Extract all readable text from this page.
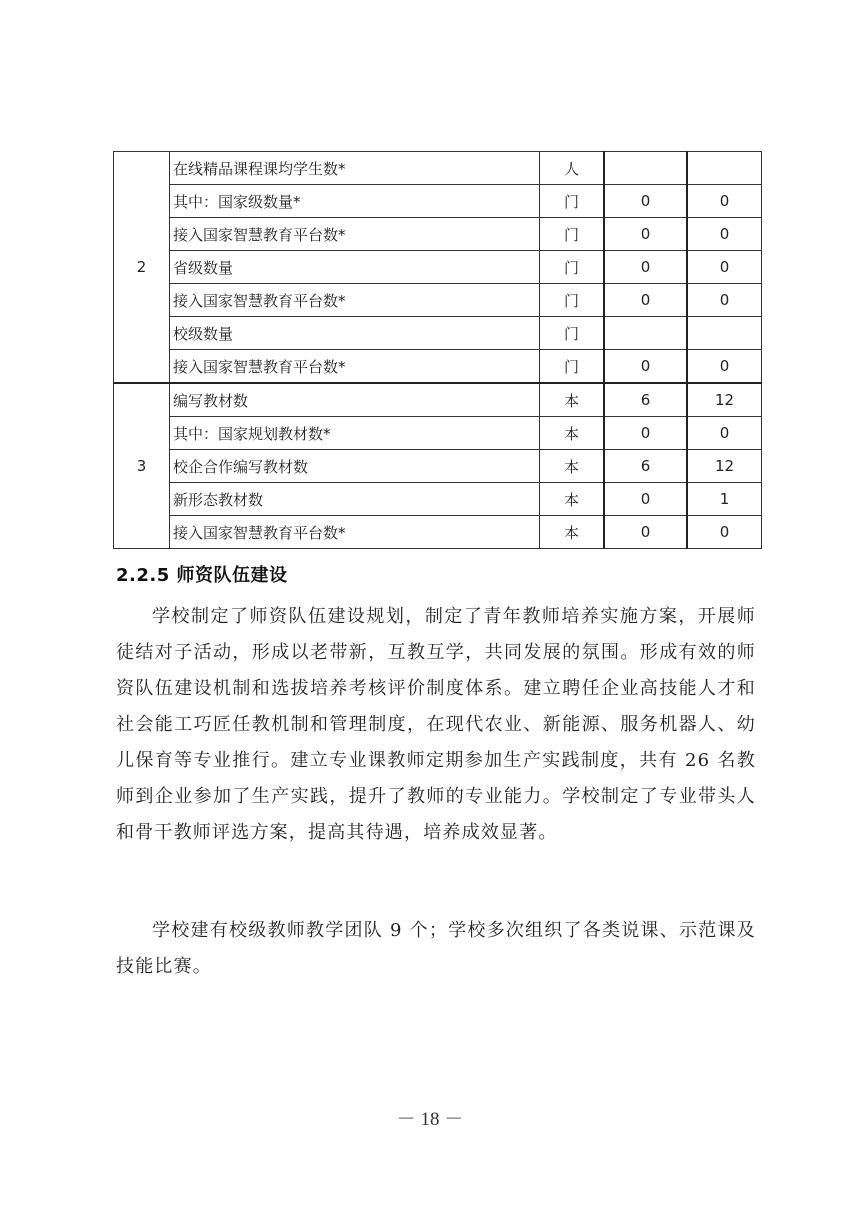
2	在线精品课程课均学生数*	人		
	其中：国家级数量*	门	0	0
	接入国家智慧教育平台数*	门	0	0
	省级数量	门	0	0
	接入国家智慧教育平台数*	门	0	0
	校级数量	门		
	接入国家智慧教育平台数*	门	0	0
3	编写教材数	本	6	12
	其中：国家规划教材数*	本	0	0
	校企合作编写教材数	本	6	12
	新形态教材数	本	0	1
	接入国家智慧教育平台数*	本	0	0
2.2.5 师资队伍建设
学校制定了师资队伍建设规划，制定了青年教师培养实施方案，开展师徒结对子活动，形成以老带新，互教互学，共同发展的氛围。形成有效的师资队伍建设机制和选拔培养考核评价制度体系。建立聘任企业高技能人才和社会能工巧匠任教机制和管理制度，在现代农业、新能源、服务机器人、幼儿保育等专业推行。建立专业课教师定期参加生产实践制度，共有 26 名教师到企业参加了生产实践，提升了教师的专业能力。学校制定了专业带头人和骨干教师评选方案，提高其待遇，培养成效显著。
学校建有校级教师教学团队 9 个；学校多次组织了各类说课、示范课及技能比赛。
－ 18 －
